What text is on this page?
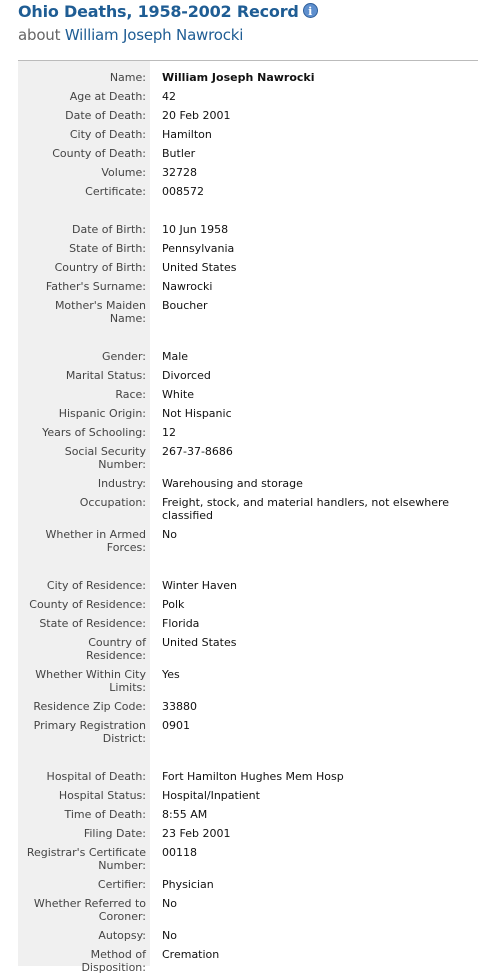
Ohio Deaths, 1958-2002 Record i
about William Joseph Nawrocki
Name: William Joseph Nawrocki
Age at Death: 42
Date of Death: 20 Feb 2001
City of Death: Hamilton
County of Death: Butler
Volume: 32728
Certificate: 008572
Date of Birth: 10 Jun 1958
State of Birth: Pennsylvania
Country of Birth: United States
Father's Surname: Nawrocki
Mother's Maiden
Name:
Boucher
Gender: Male
Marital Status: Divorced
Race: White
Hispanic Origin: Not Hispanic
Years of Schooling: 12
Social Security
Number:
267-37-8686
Industry: Warehousing and storage
Occupation: Freight, stock, and material handlers, not elsewhere
classified
Whether in Armed
Forces:
No
City of Residence: Winter Haven
County of Residence: Polk
State of Residence: Florida
Country of
Residence:
United States
Whether Within City
Limits:
Yes
Residence Zip Code: 33880
Primary Registration
District:
0901
Hospital of Death: Fort Hamilton Hughes Mem Hosp
Hospital Status: Hospital/Inpatient
Time of Death: 8:55 AM
Filing Date: 23 Feb 2001
Registrar's Certificate
Number:
00118
Certifier: Physician
Whether Referred to
Coroner:
No
Autopsy: No
Method of
Disposition:
Cremation
